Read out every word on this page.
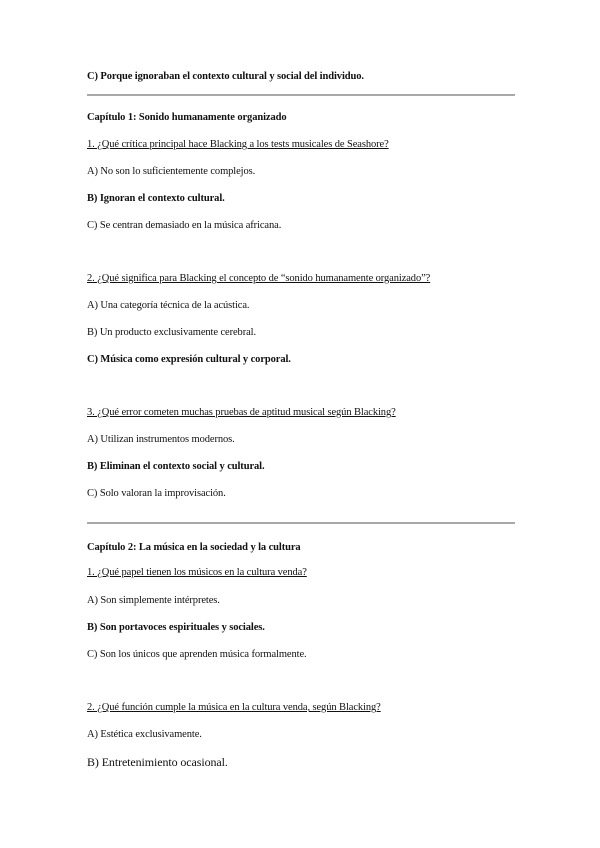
C) Porque ignoraban el contexto cultural y social del individuo.
Capítulo 1: Sonido humanamente organizado
1. ¿Qué crítica principal hace Blacking a los tests musicales de Seashore?
A) No son lo suficientemente complejos.
B) Ignoran el contexto cultural.
C) Se centran demasiado en la música africana.
2. ¿Qué significa para Blacking el concepto de “sonido humanamente organizado”?
A) Una categoría técnica de la acústica.
B) Un producto exclusivamente cerebral.
C) Música como expresión cultural y corporal.
3. ¿Qué error cometen muchas pruebas de aptitud musical según Blacking?
A) Utilizan instrumentos modernos.
B) Eliminan el contexto social y cultural.
C) Solo valoran la improvisación.
Capítulo 2: La música en la sociedad y la cultura
1. ¿Qué papel tienen los músicos en la cultura venda?
A) Son simplemente intérpretes.
B) Son portavoces espirituales y sociales.
C) Son los únicos que aprenden música formalmente.
2. ¿Qué función cumple la música en la cultura venda, según Blacking?
A) Estética exclusivamente.
B) Entretenimiento ocasional.
